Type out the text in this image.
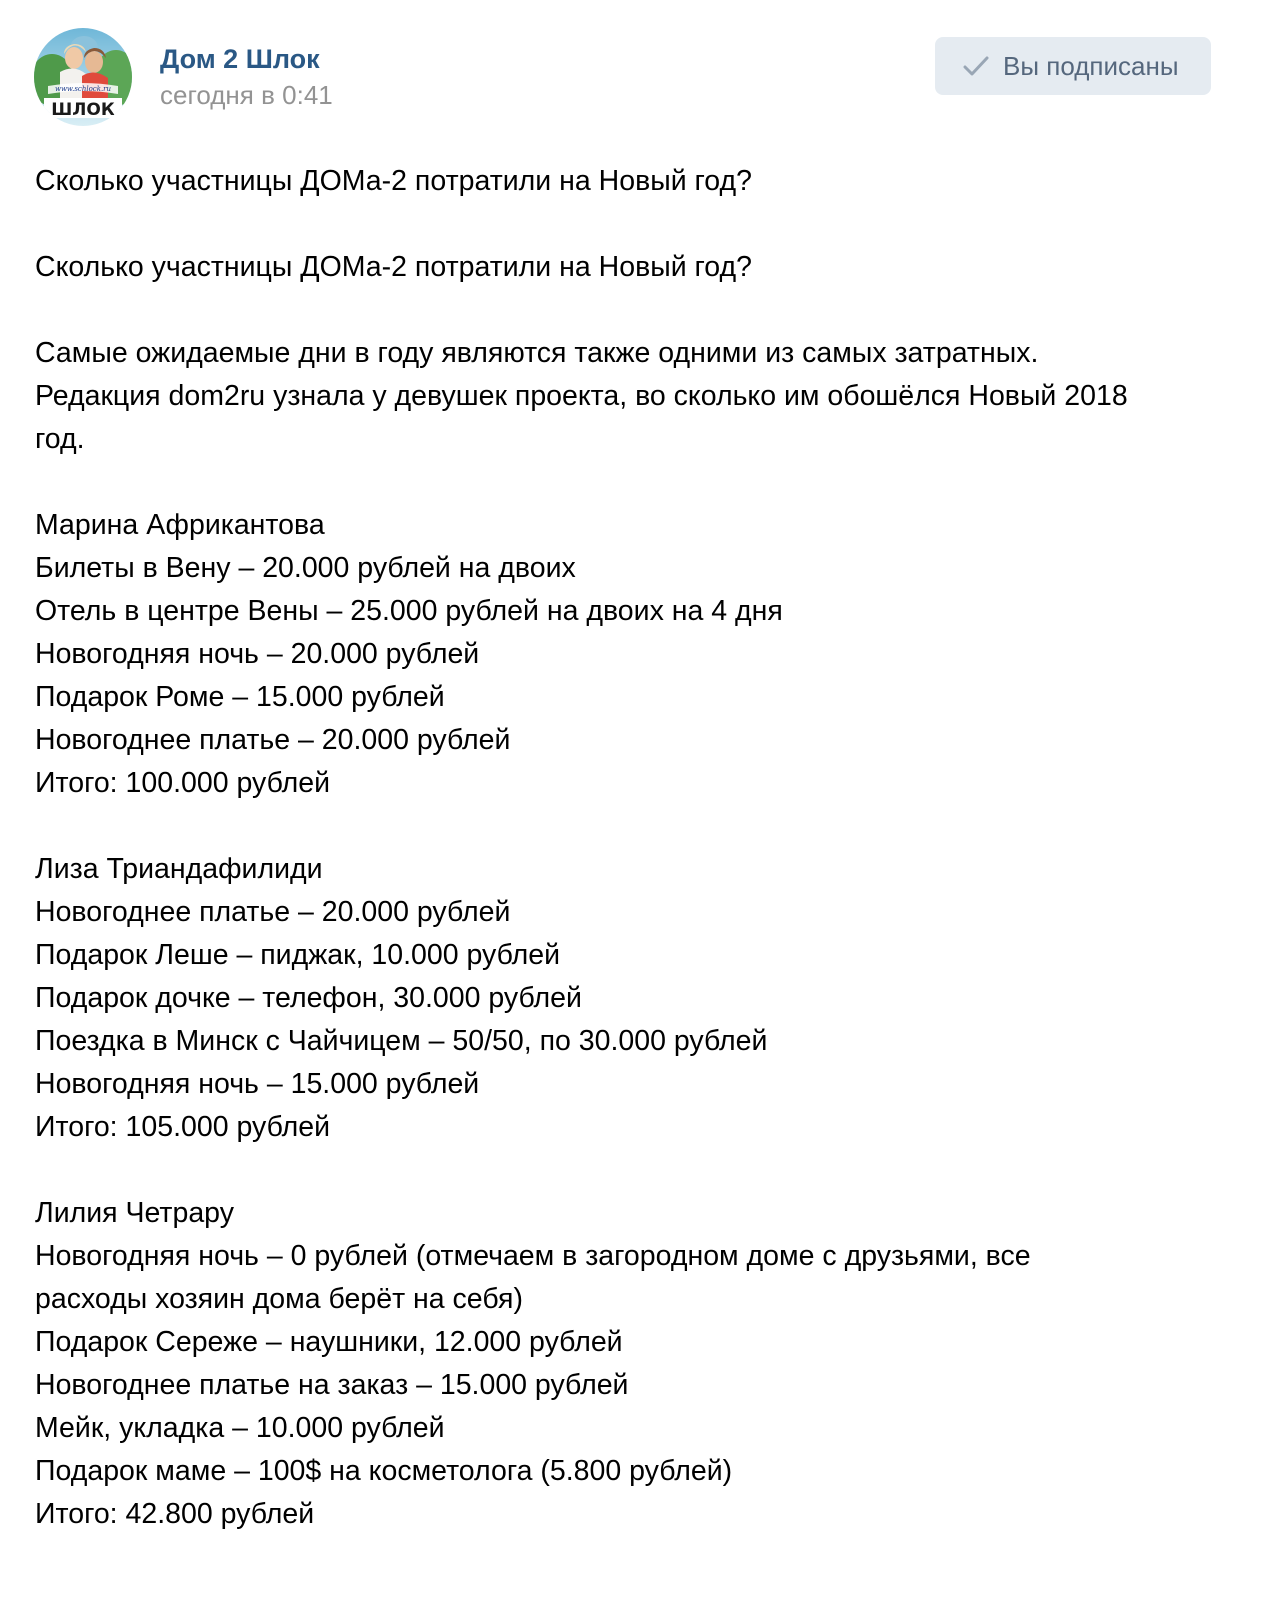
www.schlock.ru
ШЛОК
Дом 2 Шлок
сегодня в 0:41
Вы подписаны
Сколько участницы ДОМа-2 потратили на Новый год?
Сколько участницы ДОМа-2 потратили на Новый год?
Самые ожидаемые дни в году являются также одними из самых затратных.
Редакция dom2ru узнала у девушек проекта, во сколько им обошёлся Новый 2018
год.
Марина Африкантова
Билеты в Вену – 20.000 рублей на двоих
Отель в центре Вены – 25.000 рублей на двоих на 4 дня
Новогодняя ночь – 20.000 рублей
Подарок Роме – 15.000 рублей
Новогоднее платье – 20.000 рублей
Итого: 100.000 рублей
Лиза Триандафилиди
Новогоднее платье – 20.000 рублей
Подарок Леше – пиджак, 10.000 рублей
Подарок дочке – телефон, 30.000 рублей
Поездка в Минск с Чайчицем – 50/50, по 30.000 рублей
Новогодняя ночь – 15.000 рублей
Итого: 105.000 рублей
Лилия Четрару
Новогодняя ночь – 0 рублей (отмечаем в загородном доме с друзьями, все
расходы хозяин дома берёт на себя)
Подарок Сереже – наушники, 12.000 рублей
Новогоднее платье на заказ – 15.000 рублей
Мейк, укладка – 10.000 рублей
Подарок маме – 100$ на косметолога (5.800 рублей)
Итого: 42.800 рублей
